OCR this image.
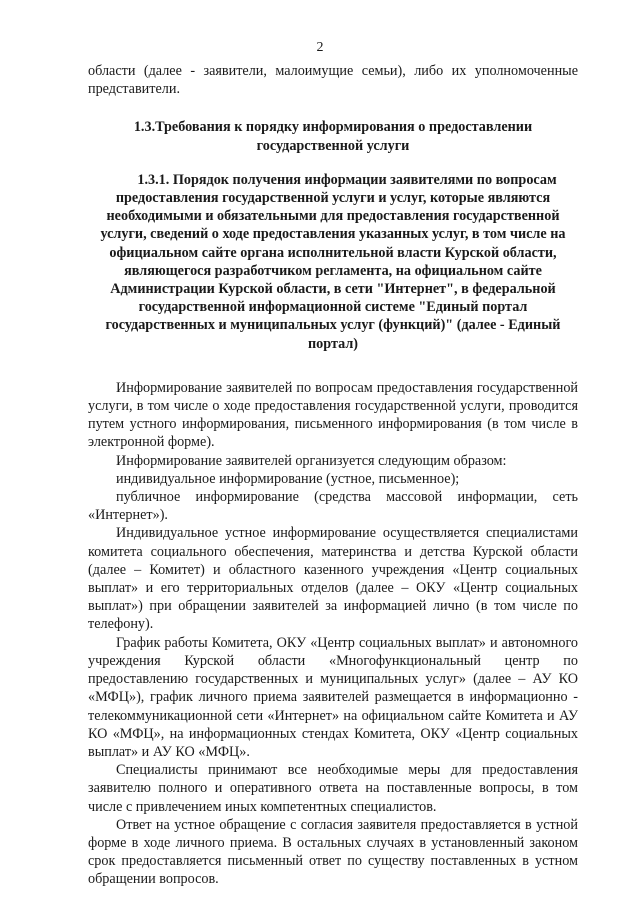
2

области (далее - заявители, малоимущие семьи), либо их уполномоченные представители.

1.3.Требования к порядку информирования о предоставлении государственной услуги

1.3.1. Порядок получения информации заявителями по вопросам предоставления государственной услуги и услуг, которые являются необходимыми и обязательными для предоставления государственной услуги, сведений о ходе предоставления указанных услуг, в том числе на официальном сайте органа исполнительной власти Курской области, являющегося разработчиком регламента, на официальном сайте Администрации Курской области, в сети "Интернет", в федеральной государственной информационной системе "Единый портал государственных и муниципальных услуг (функций)" (далее - Единый портал)

Информирование заявителей по вопросам предоставления государственной услуги, в том числе о ходе предоставления государственной услуги, проводится путем устного информирования, письменного информирования (в том числе в электронной форме).

Информирование заявителей организуется следующим образом:

индивидуальное информирование (устное, письменное);

публичное информирование (средства массовой информации, сеть «Интернет»).

Индивидуальное устное информирование осуществляется специалистами комитета социального обеспечения, материнства и детства Курской области (далее – Комитет) и областного казенного учреждения «Центр социальных выплат» и его территориальных отделов (далее – ОКУ «Центр социальных выплат») при обращении заявителей за информацией лично (в том числе по телефону).

График работы Комитета, ОКУ «Центр социальных выплат» и автономного учреждения Курской области «Многофункциональный центр по предоставлению государственных и муниципальных услуг» (далее – АУ КО «МФЦ»), график личного приема заявителей размещается в информационно - телекоммуникационной сети «Интернет» на официальном сайте Комитета и АУ КО «МФЦ», на информационных стендах Комитета, ОКУ «Центр социальных выплат» и АУ КО «МФЦ».

Специалисты принимают все необходимые меры для предоставления заявителю полного и оперативного ответа на поставленные вопросы, в том числе с привлечением иных компетентных специалистов.

Ответ на устное обращение с согласия заявителя предоставляется в устной форме в ходе личного приема. В остальных случаях в установленный законом срок предоставляется письменный ответ по существу поставленных в устном обращении вопросов.
